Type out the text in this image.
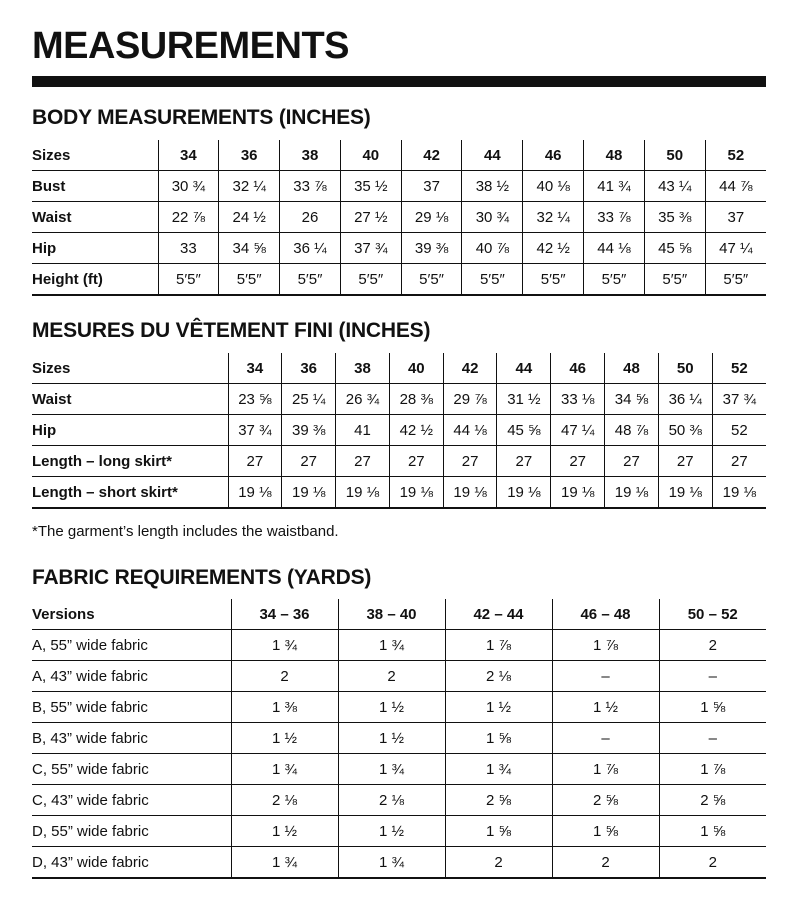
MEASUREMENTS
BODY MEASUREMENTS (INCHES)
Sizes	34	36	38	40	42	44	46	48	50	52
Bust	30 ¾	32 ¼	33 ⅞	35 ½	37	38 ½	40 ⅛	41 ¾	43 ¼	44 ⅞
Waist	22 ⅞	24 ½	26	27 ½	29 ⅛	30 ¾	32 ¼	33 ⅞	35 ⅜	37
Hip	33	34 ⅝	36 ¼	37 ¾	39 ⅜	40 ⅞	42 ½	44 ⅛	45 ⅝	47 ¼
Height (ft)	5′5″	5′5″	5′5″	5′5″	5′5″	5′5″	5′5″	5′5″	5′5″	5′5″
MESURES DU VÊTEMENT FINI (INCHES)
Sizes	34	36	38	40	42	44	46	48	50	52
Waist	23 ⅝	25 ¼	26 ¾	28 ⅜	29 ⅞	31 ½	33 ⅛	34 ⅝	36 ¼	37 ¾
Hip	37 ¾	39 ⅜	41	42 ½	44 ⅛	45 ⅝	47 ¼	48 ⅞	50 ⅜	52
Length – long skirt*	27	27	27	27	27	27	27	27	27	27
Length – short skirt*	19 ⅛	19 ⅛	19 ⅛	19 ⅛	19 ⅛	19 ⅛	19 ⅛	19 ⅛	19 ⅛	19 ⅛

*The garment’s length includes the waistband.

FABRIC REQUIREMENTS (YARDS)
Versions	34 – 36	38 – 40	42 – 44	46 – 48	50 – 52
A, 55” wide fabric	1 ¾	1 ¾	1 ⅞	1 ⅞	2
A, 43” wide fabric	2	2	2 ⅛	–	–
B, 55” wide fabric	1 ⅜	1 ½	1 ½	1 ½	1 ⅝
B, 43” wide fabric	1 ½	1 ½	1 ⅝	–	–
C, 55” wide fabric	1 ¾	1 ¾	1 ¾	1 ⅞	1 ⅞
C, 43” wide fabric	2 ⅛	2 ⅛	2 ⅝	2 ⅝	2 ⅝
D, 55” wide fabric	1 ½	1 ½	1 ⅝	1 ⅝	1 ⅝
D, 43” wide fabric	1 ¾	1 ¾	2	2	2
